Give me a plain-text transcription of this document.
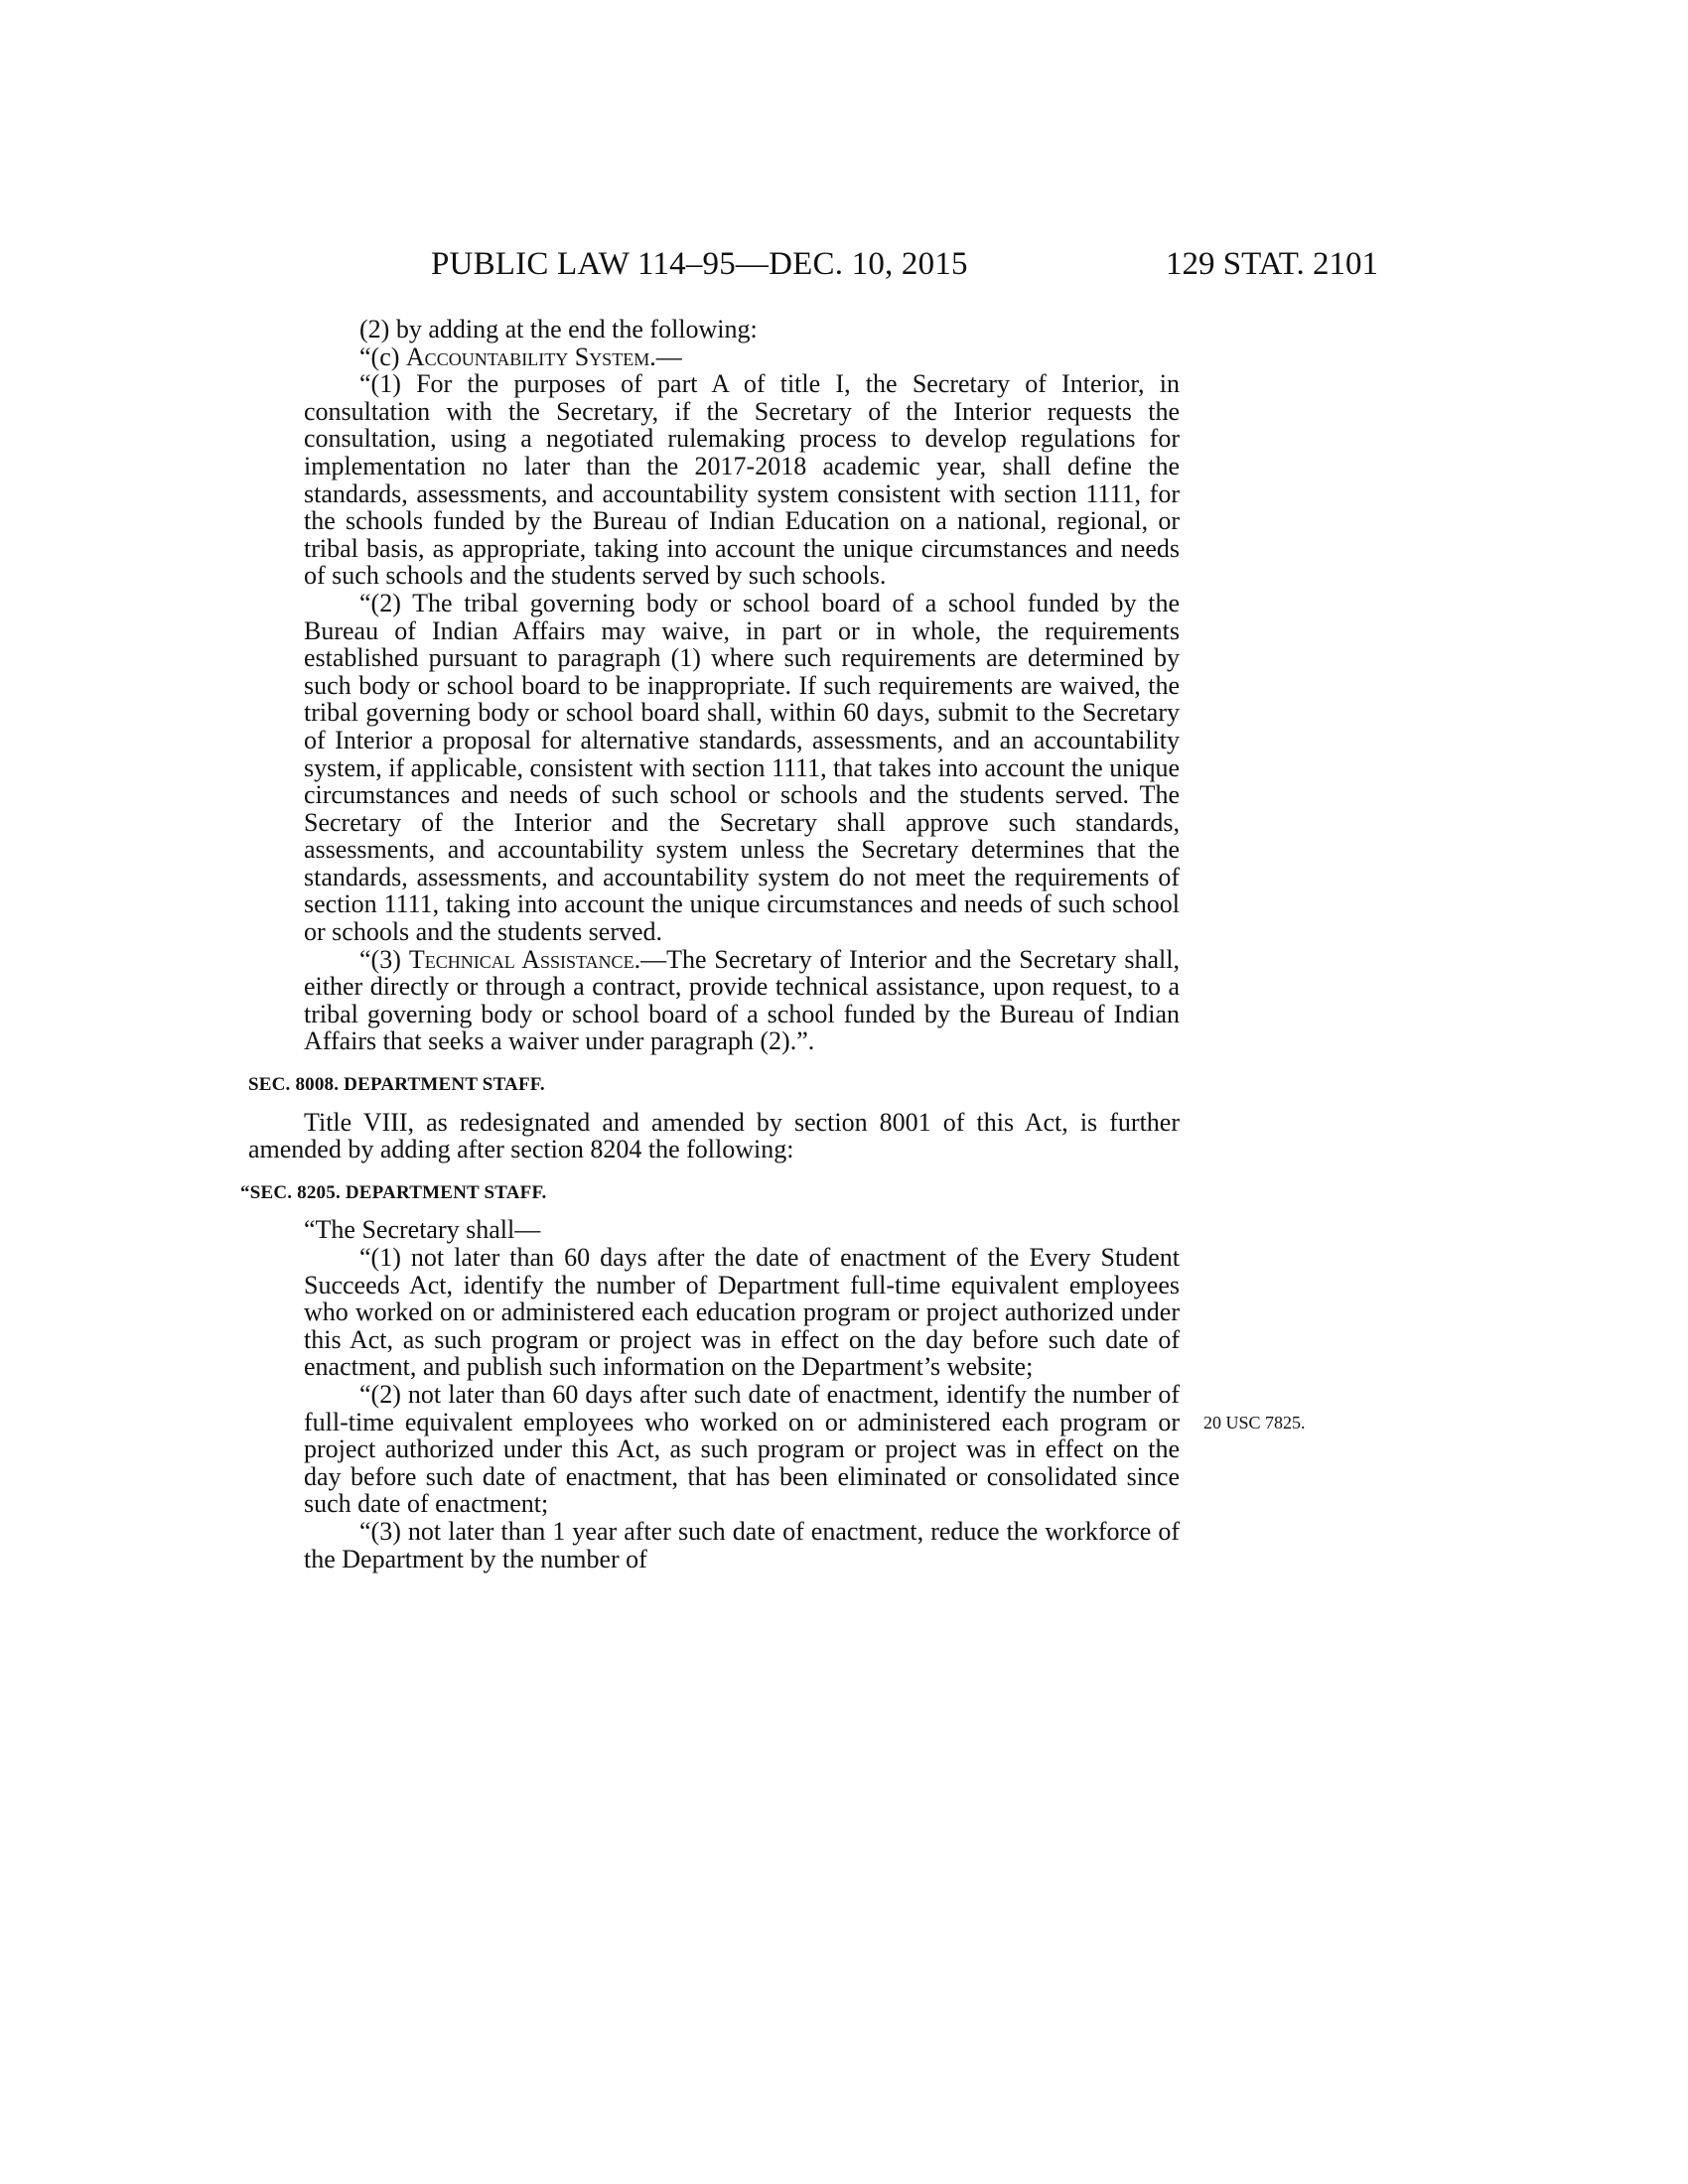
PUBLIC LAW 114–95—DEC. 10, 2015	129 STAT. 2101
20 USC 7825.

(2) by adding at the end the following:

“(c) Accountability System.—

“(1) For the purposes of part A of title I, the Secretary of Interior, in consultation with the Secretary, if the Secretary of the Interior requests the consultation, using a negotiated rulemaking process to develop regulations for implementation no later than the 2017-2018 academic year, shall define the standards, assessments, and accountability system consistent with section 1111, for the schools funded by the Bureau of Indian Education on a national, regional, or tribal basis, as appropriate, taking into account the unique circumstances and needs of such schools and the students served by such schools.

“(2) The tribal governing body or school board of a school funded by the Bureau of Indian Affairs may waive, in part or in whole, the requirements established pursuant to paragraph (1) where such requirements are determined by such body or school board to be inappropriate. If such requirements are waived, the tribal governing body or school board shall, within 60 days, submit to the Secretary of Interior a proposal for alternative standards, assessments, and an accountability system, if applicable, consistent with section 1111, that takes into account the unique circumstances and needs of such school or schools and the students served. The Secretary of the Interior and the Secretary shall approve such standards, assessments, and accountability system unless the Secretary determines that the standards, assessments, and accountability system do not meet the requirements of section 1111, taking into account the unique circumstances and needs of such school or schools and the students served.

“(3) Technical Assistance.—The Secretary of Interior and the Secretary shall, either directly or through a contract, provide technical assistance, upon request, to a tribal governing body or school board of a school funded by the Bureau of Indian Affairs that seeks a waiver under paragraph (2).”.

SEC. 8008. DEPARTMENT STAFF.

Title VIII, as redesignated and amended by section 8001 of this Act, is further amended by adding after section 8204 the following:

“SEC. 8205. DEPARTMENT STAFF.

“The Secretary shall—

“(1) not later than 60 days after the date of enactment of the Every Student Succeeds Act, identify the number of Department full-time equivalent employees who worked on or administered each education program or project authorized under this Act, as such program or project was in effect on the day before such date of enactment, and publish such information on the Department’s website;

“(2) not later than 60 days after such date of enactment, identify the number of full-time equivalent employees who worked on or administered each program or project authorized under this Act, as such program or project was in effect on the day before such date of enactment, that has been eliminated or consolidated since such date of enactment;

“(3) not later than 1 year after such date of enactment, reduce the workforce of the Department by the number of
